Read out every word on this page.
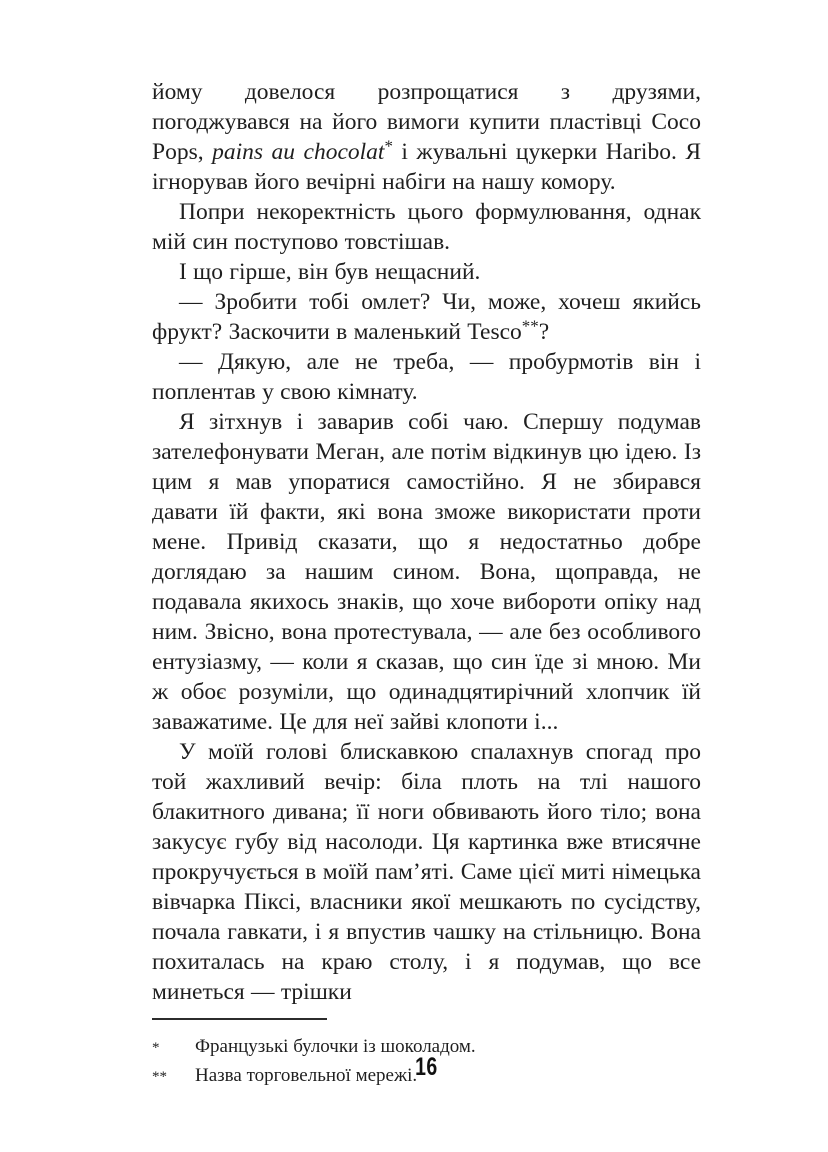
йому довелося розпрощатися з друзями, погоджувався на його вимоги купити пластівці Coco Pops, pains au chocolat* і жувальні цукерки Haribo. Я ігнорував його вечірні набіги на нашу комору.

Попри некоректність цього формулювання, однак мій син поступово товстішав.

І що гірше, він був нещасний.

— Зробити тобі омлет? Чи, може, хочеш якийсь фрукт? Заскочити в маленький Tesco**?

— Дякую, але не треба, — пробурмотів він і поплентав у свою кімнату.

Я зітхнув і заварив собі чаю. Спершу подумав зателефонувати Меган, але потім відкинув цю ідею. Із цим я мав упоратися самостійно. Я не збирався давати їй факти, які вона зможе використати проти мене. Привід сказати, що я недостатньо добре доглядаю за нашим сином. Вона, щоправда, не подавала якихось знаків, що хоче вибороти опіку над ним. Звісно, вона протестувала, — але без особливого ентузіазму, — коли я сказав, що син їде зі мною. Ми ж обоє розуміли, що одинадцятирічний хлопчик їй заважатиме. Це для неї зайві клопоти і...

У моїй голові блискавкою спалахнув спогад про той жахливий вечір: біла плоть на тлі нашого блакитного дивана; її ноги обвивають його тіло; вона закусує губу від насолоди. Ця картинка вже втисячне прокручується в моїй пам’яті. Саме цієї миті німецька вівчарка Піксі, власники якої мешкають по сусідству, почала гавкати, і я впустив чашку на стільницю. Вона похиталась на краю столу, і я подумав, що все минеться — трішки

*	Французькі булочки із шоколадом.
**	Назва торговельної мережі.
16
